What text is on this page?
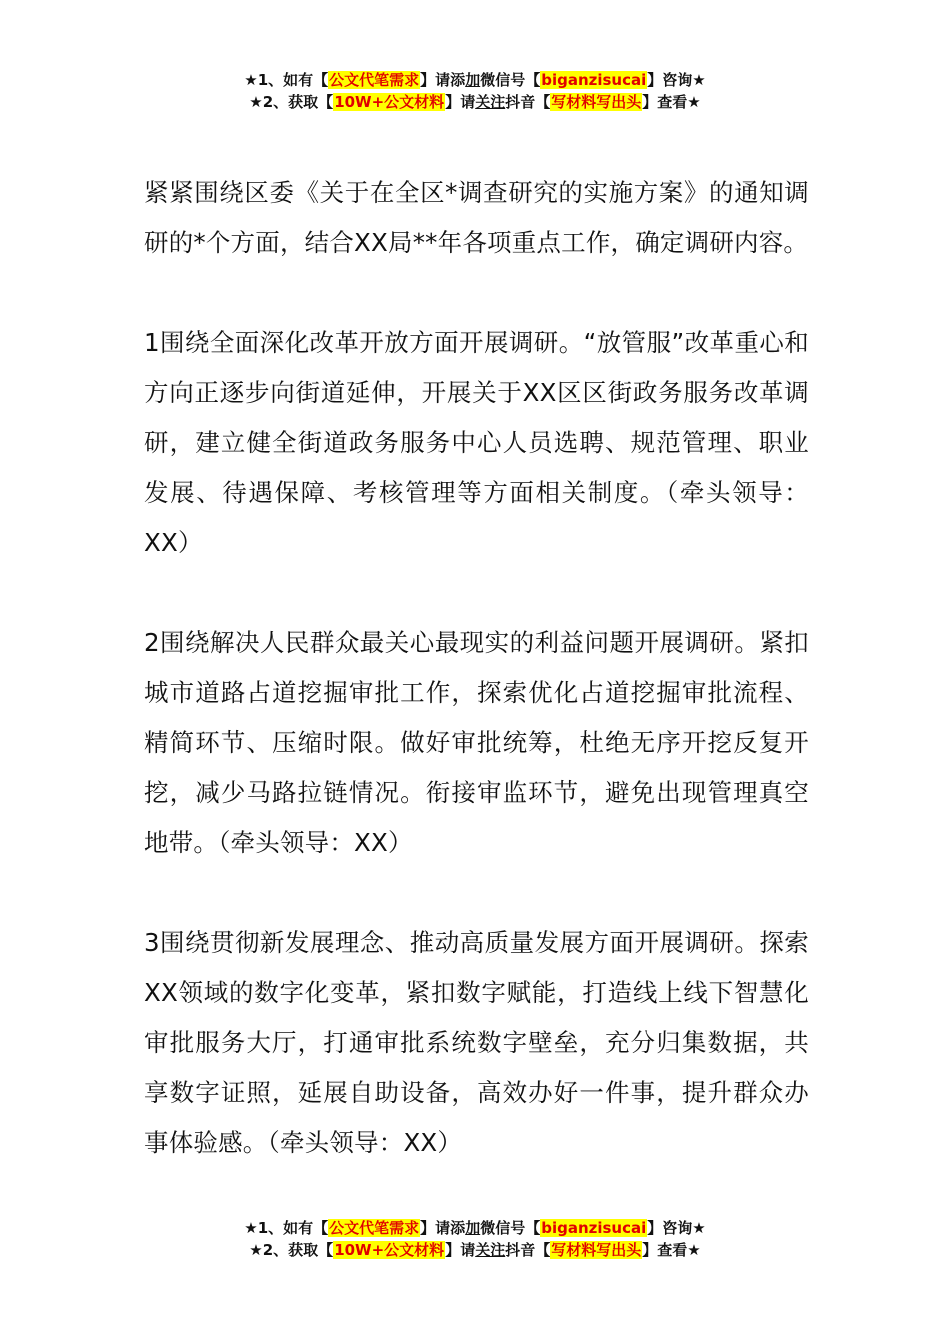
★1、如有【公文代笔需求】请添加微信号【biganzisucai】咨询★
★2、获取【10W+公文材料】请关注抖音【写材料写出头】查看★

紧紧围绕区委《关于在全区*调查研究的实施方案》的通知调研的*个方面，结合XX局**年各项重点工作，确定调研内容。

1围绕全面深化改革开放方面开展调研。“放管服”改革重心和方向正逐步向街道延伸，开展关于XX区区街政务服务改革调研，建立健全街道政务服务中心人员选聘、规范管理、职业发展、待遇保障、考核管理等方面相关制度。（牵头领导：XX）

2围绕解决人民群众最关心最现实的利益问题开展调研。紧扣城市道路占道挖掘审批工作，探索优化占道挖掘审批流程、精简环节、压缩时限。做好审批统筹，杜绝无序开挖反复开挖，减少马路拉链情况。衔接审监环节，避免出现管理真空地带。（牵头领导：XX）

3围绕贯彻新发展理念、推动高质量发展方面开展调研。探索XX领域的数字化变革，紧扣数字赋能，打造线上线下智慧化审批服务大厅，打通审批系统数字壁垒，充分归集数据，共享数字证照，延展自助设备，高效办好一件事，提升群众办事体验感。（牵头领导：XX）

★1、如有【公文代笔需求】请添加微信号【biganzisucai】咨询★
★2、获取【10W+公文材料】请关注抖音【写材料写出头】查看★
